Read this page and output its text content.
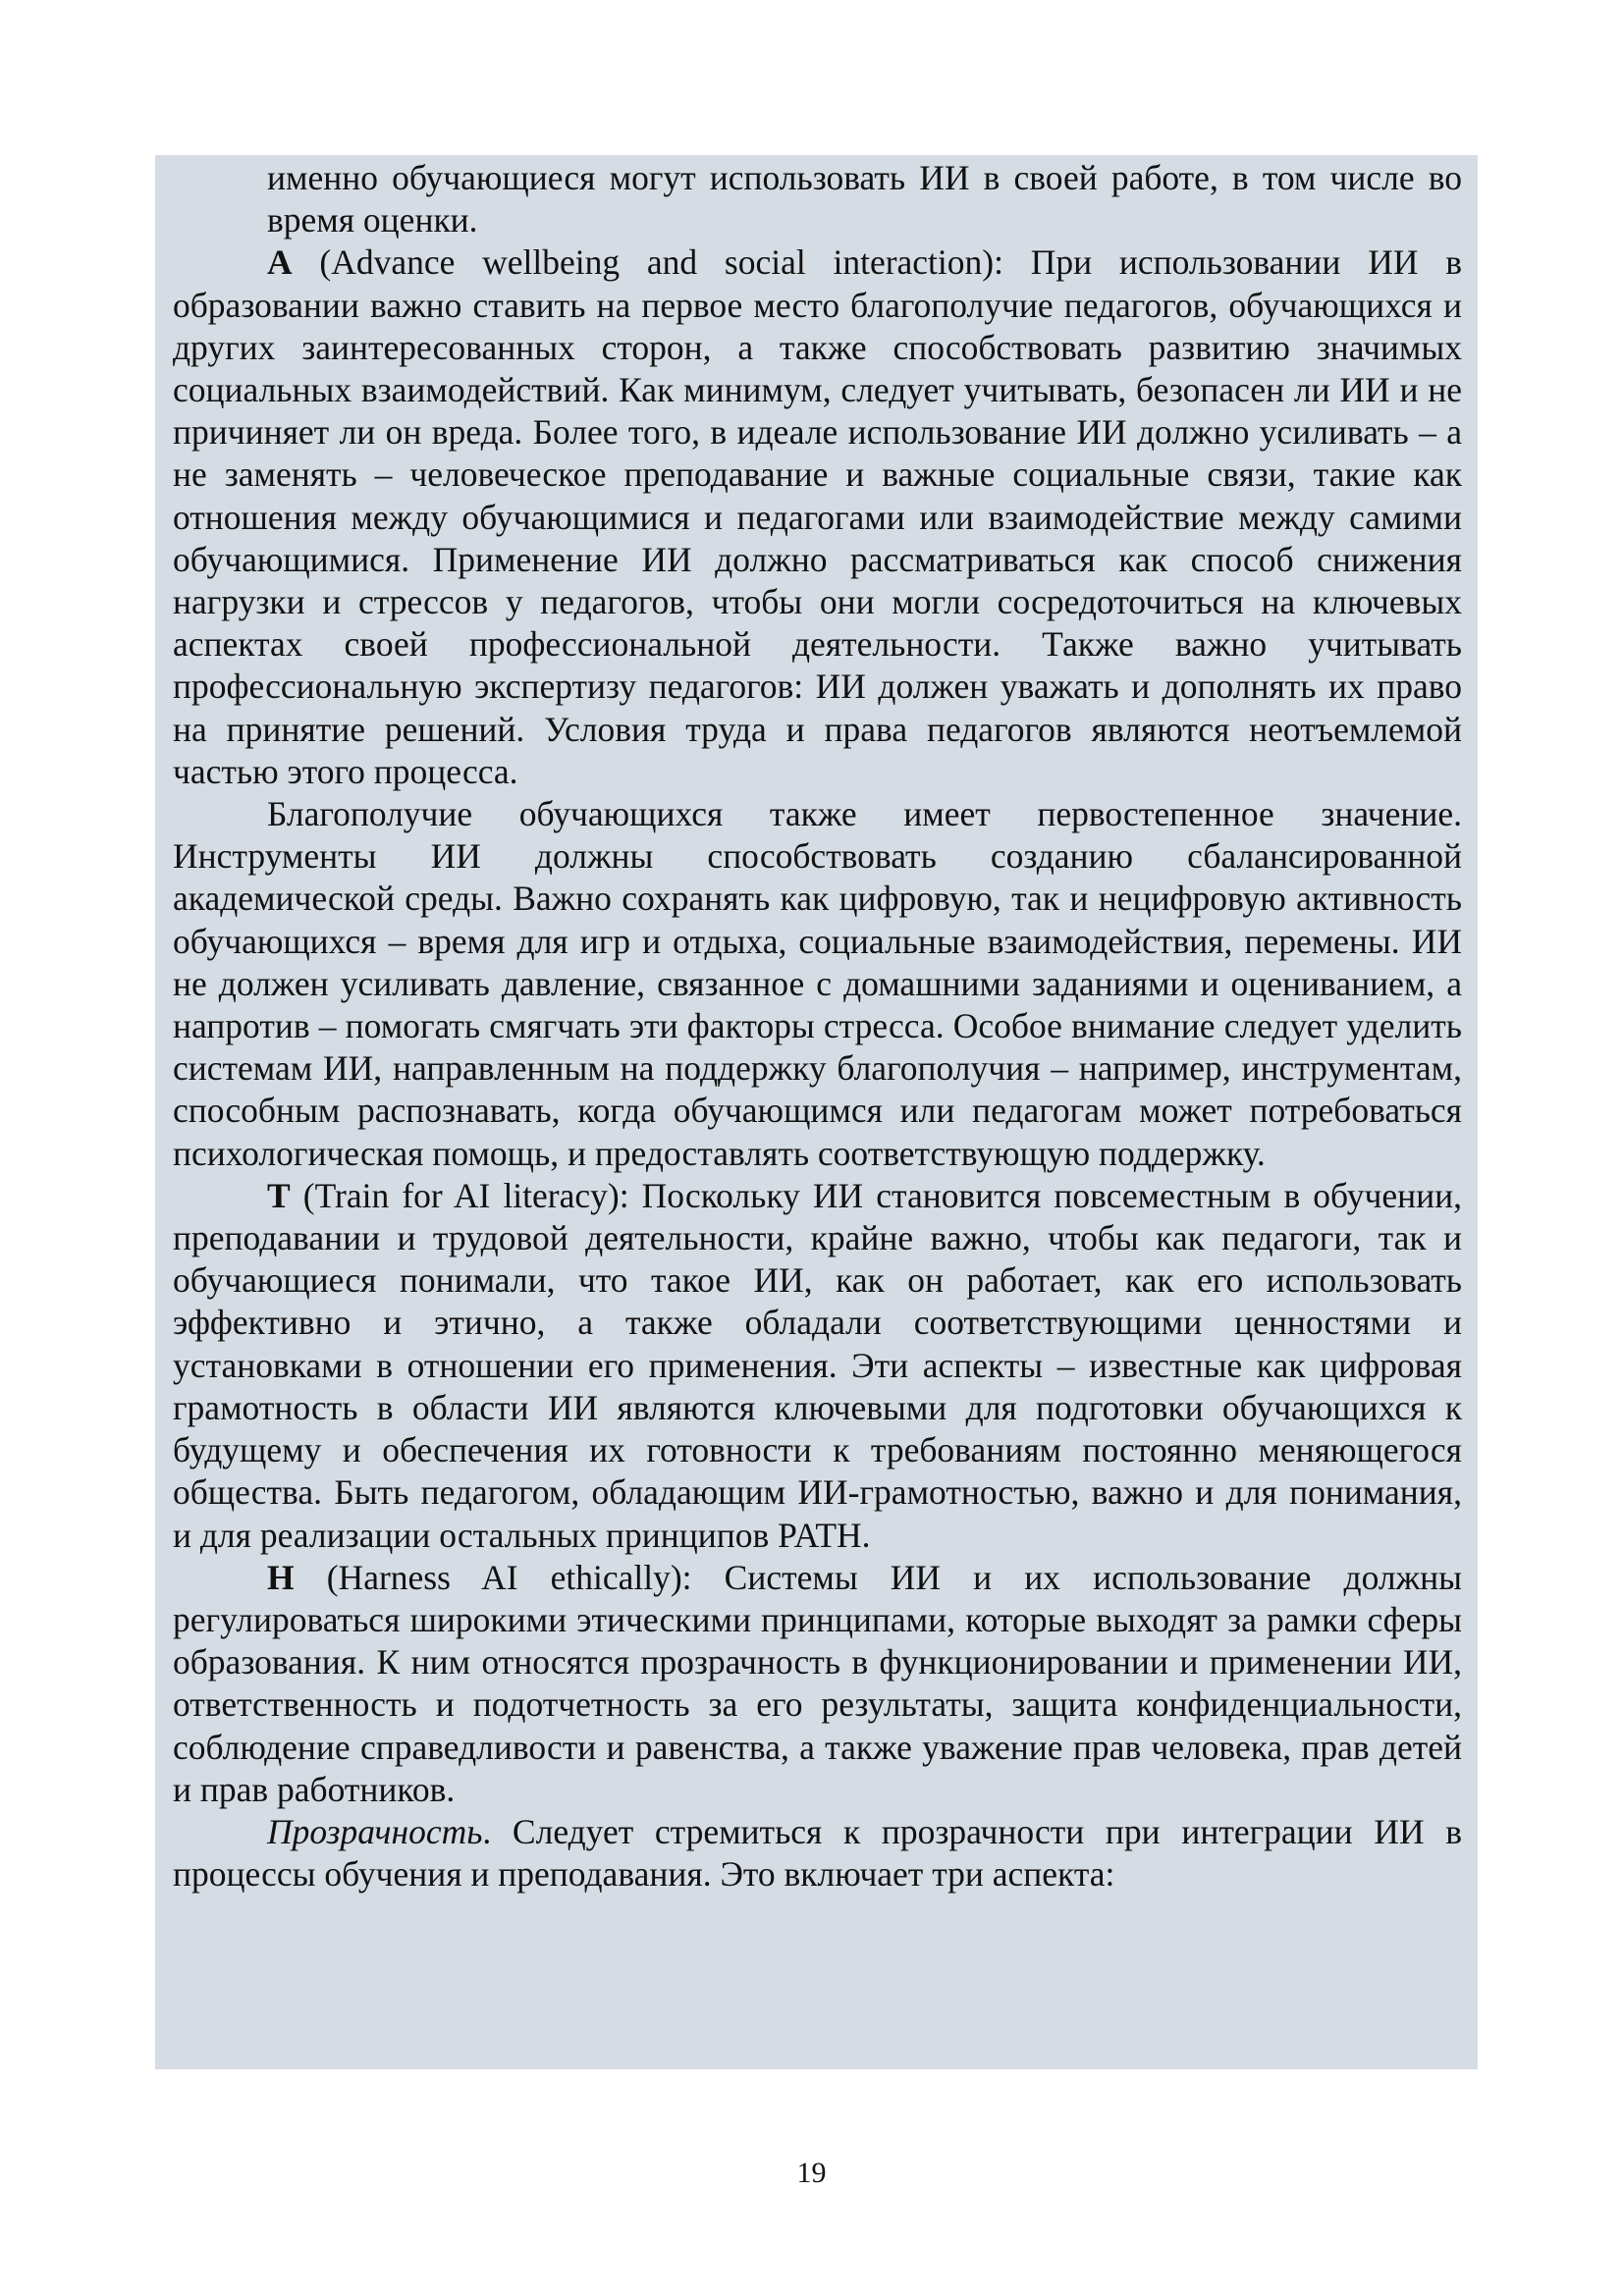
именно обучающиеся могут использовать ИИ в своей работе, в том числе во время оценки.

A (Advance wellbeing and social interaction): При использовании ИИ в образовании важно ставить на первое место благополучие педагогов, обучающихся и других заинтересованных сторон, а также способствовать развитию значимых социальных взаимодействий. Как минимум, следует учитывать, безопасен ли ИИ и не причиняет ли он вреда. Более того, в идеале использование ИИ должно усиливать – а не заменять – человеческое преподавание и важные социальные связи, такие как отношения между обучающимися и педагогами или взаимодействие между самими обучающимися. Применение ИИ должно рассматриваться как способ снижения нагрузки и стрессов у педагогов, чтобы они могли сосредоточиться на ключевых аспектах своей профессиональной деятельности. Также важно учитывать профессиональную экспертизу педагогов: ИИ должен уважать и дополнять их право на принятие решений. Условия труда и права педагогов являются неотъемлемой частью этого процесса.

Благополучие обучающихся также имеет первостепенное значение. Инструменты ИИ должны способствовать созданию сбалансированной академической среды. Важно сохранять как цифровую, так и нецифровую активность обучающихся – время для игр и отдыха, социальные взаимодействия, перемены. ИИ не должен усиливать давление, связанное с домашними заданиями и оцениванием, а напротив – помогать смягчать эти факторы стресса. Особое внимание следует уделить системам ИИ, направленным на поддержку благополучия – например, инструментам, способным распознавать, когда обучающимся или педагогам может потребоваться психологическая помощь, и предоставлять соответствующую поддержку.

T (Train for AI literacy): Поскольку ИИ становится повсеместным в обучении, преподавании и трудовой деятельности, крайне важно, чтобы как педагоги, так и обучающиеся понимали, что такое ИИ, как он работает, как его использовать эффективно и этично, а также обладали соответствующими ценностями и установками в отношении его применения. Эти аспекты – известные как цифровая грамотность в области ИИ являются ключевыми для подготовки обучающихся к будущему и обеспечения их готовности к требованиям постоянно меняющегося общества. Быть педагогом, обладающим ИИ-грамотностью, важно и для понимания, и для реализации остальных принципов PATH.

H (Harness AI ethically): Системы ИИ и их использование должны регулироваться широкими этическими принципами, которые выходят за рамки сферы образования. К ним относятся прозрачность в функционировании и применении ИИ, ответственность и подотчетность за его результаты, защита конфиденциальности, соблюдение справедливости и равенства, а также уважение прав человека, прав детей и прав работников.

Прозрачность. Следует стремиться к прозрачности при интеграции ИИ в процессы обучения и преподавания. Это включает три аспекта:

19
